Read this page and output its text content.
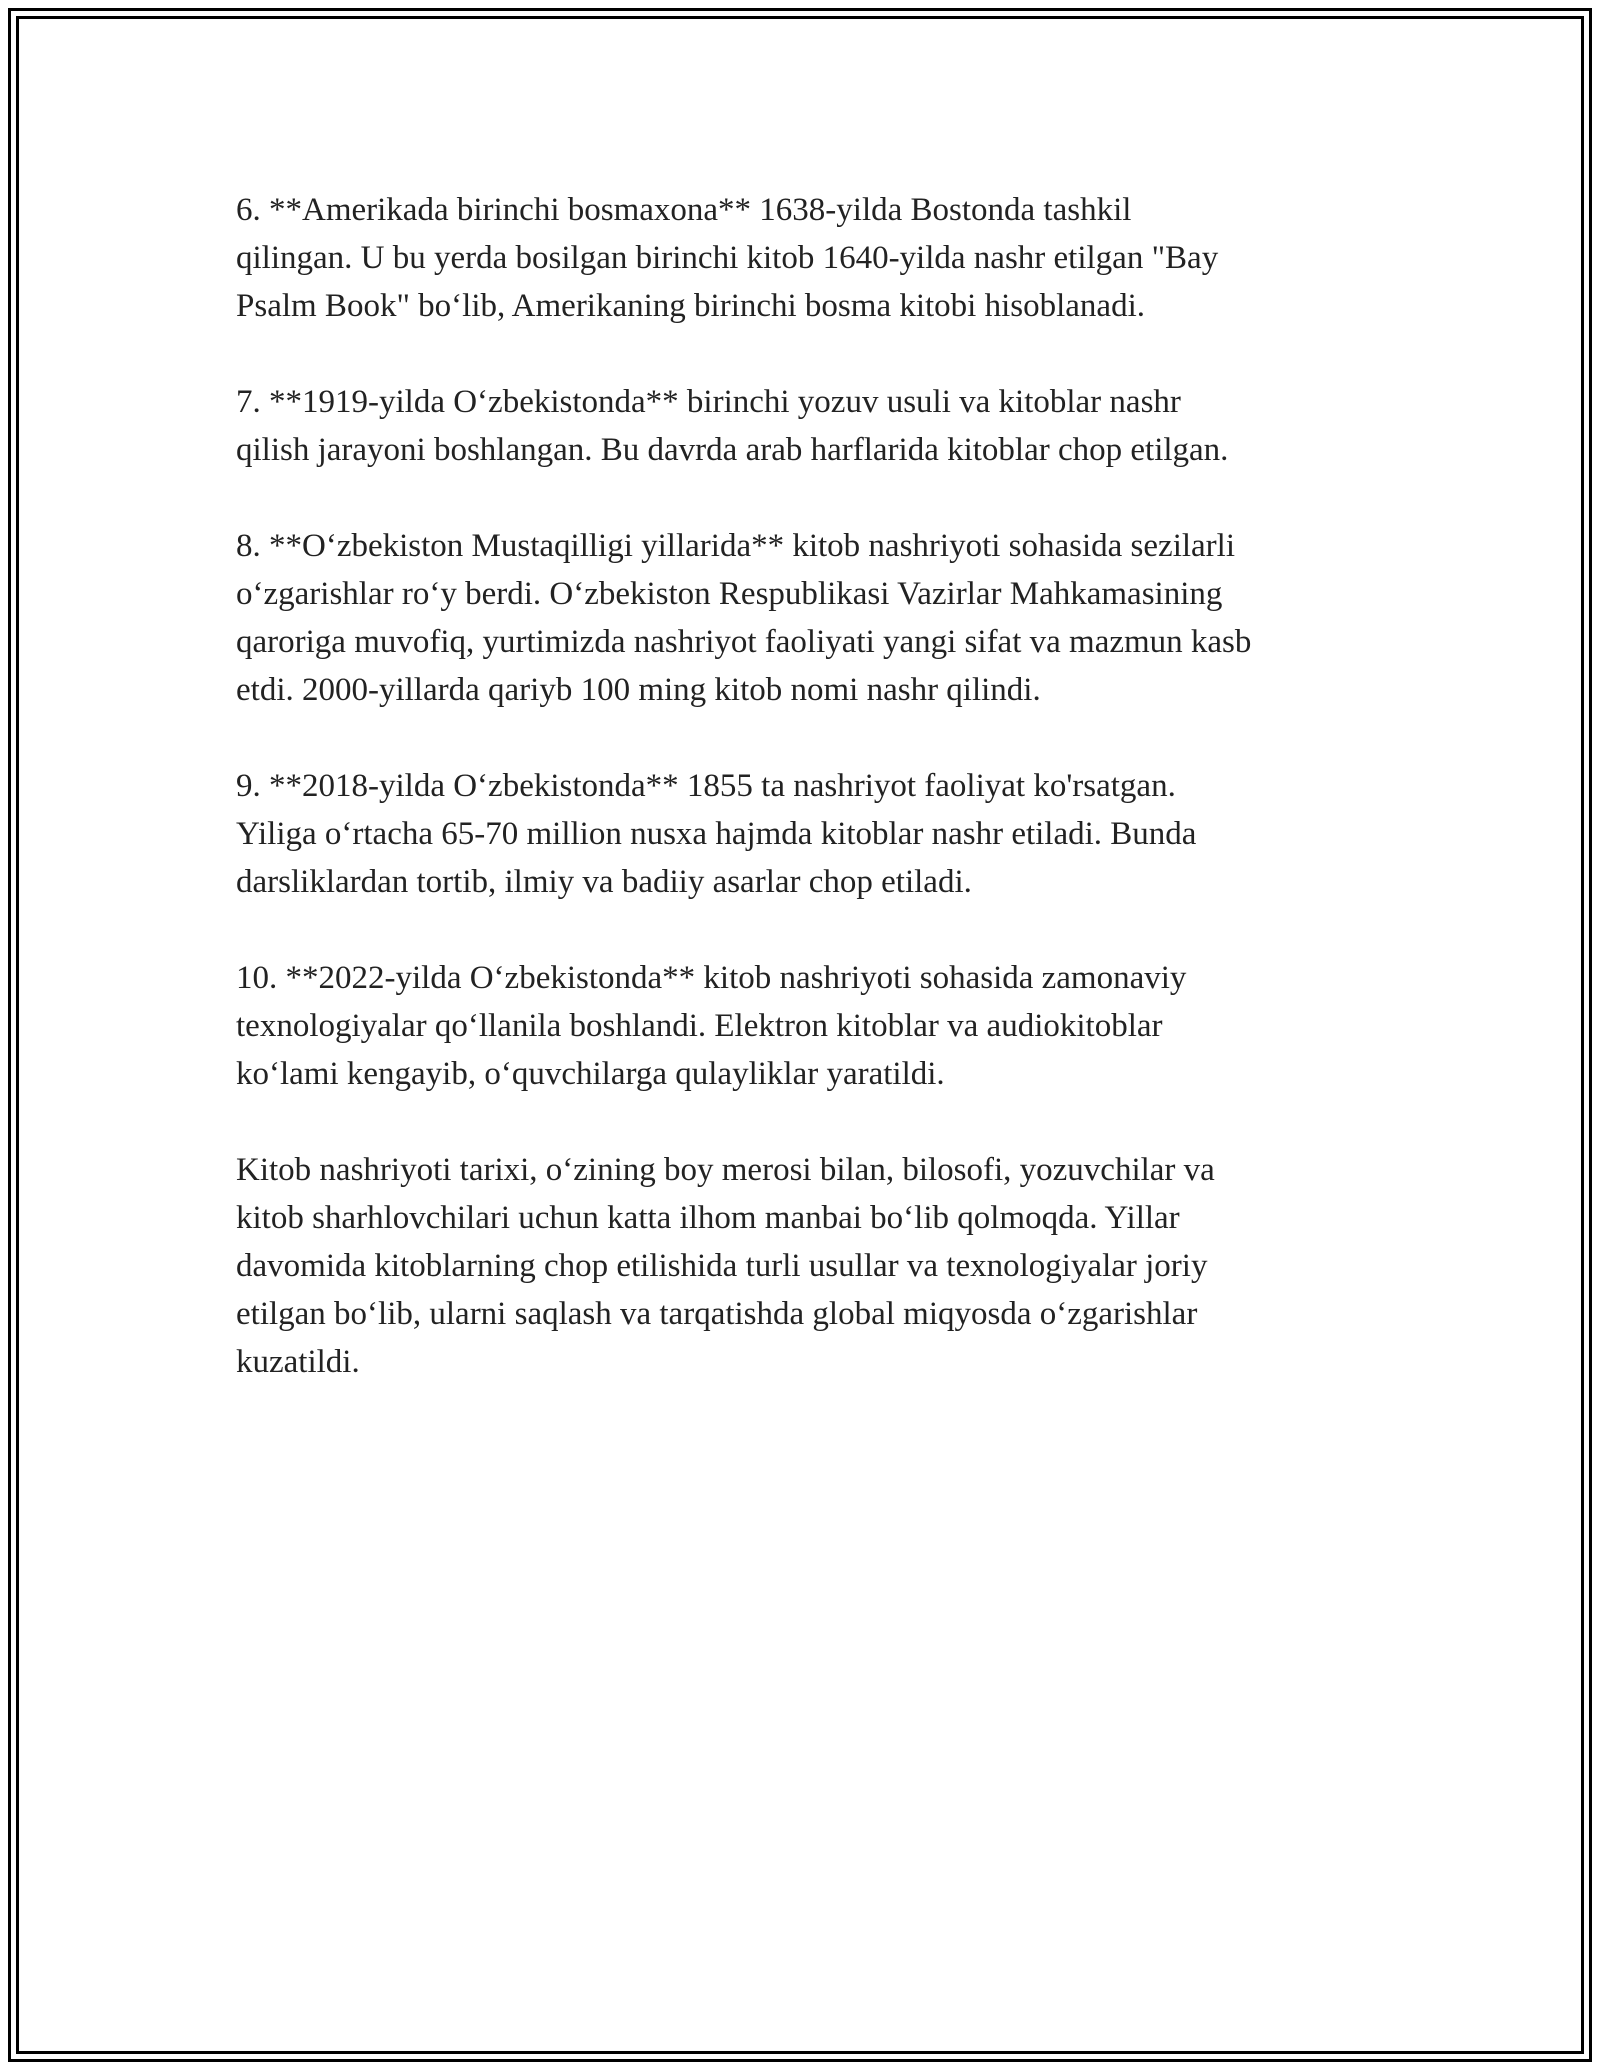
6. **Amerikada birinchi bosmaxona** 1638-yilda Bostonda tashkil
qilingan. U bu yerda bosilgan birinchi kitob 1640-yilda nashr etilgan "Bay
Psalm Book" bo‘lib, Amerikaning birinchi bosma kitobi hisoblanadi.

7. **1919-yilda O‘zbekistonda** birinchi yozuv usuli va kitoblar nashr
qilish jarayoni boshlangan. Bu davrda arab harflarida kitoblar chop etilgan.

8. **O‘zbekiston Mustaqilligi yillarida** kitob nashriyoti sohasida sezilarli
o‘zgarishlar ro‘y berdi. O‘zbekiston Respublikasi Vazirlar Mahkamasining
qaroriga muvofiq, yurtimizda nashriyot faoliyati yangi sifat va mazmun kasb
etdi. 2000-yillarda qariyb 100 ming kitob nomi nashr qilindi.

9. **2018-yilda O‘zbekistonda** 1855 ta nashriyot faoliyat ko'rsatgan.
Yiliga o‘rtacha 65-70 million nusxa hajmda kitoblar nashr etiladi. Bunda
darsliklardan tortib, ilmiy va badiiy asarlar chop etiladi.

10. **2022-yilda O‘zbekistonda** kitob nashriyoti sohasida zamonaviy
texnologiyalar qo‘llanila boshlandi. Elektron kitoblar va audiokitoblar
ko‘lami kengayib, o‘quvchilarga qulayliklar yaratildi.

Kitob nashriyoti tarixi, o‘zining boy merosi bilan, bilosofi, yozuvchilar va
kitob sharhlovchilari uchun katta ilhom manbai bo‘lib qolmoqda. Yillar
davomida kitoblarning chop etilishida turli usullar va texnologiyalar joriy
etilgan bo‘lib, ularni saqlash va tarqatishda global miqyosda o‘zgarishlar
kuzatildi.
